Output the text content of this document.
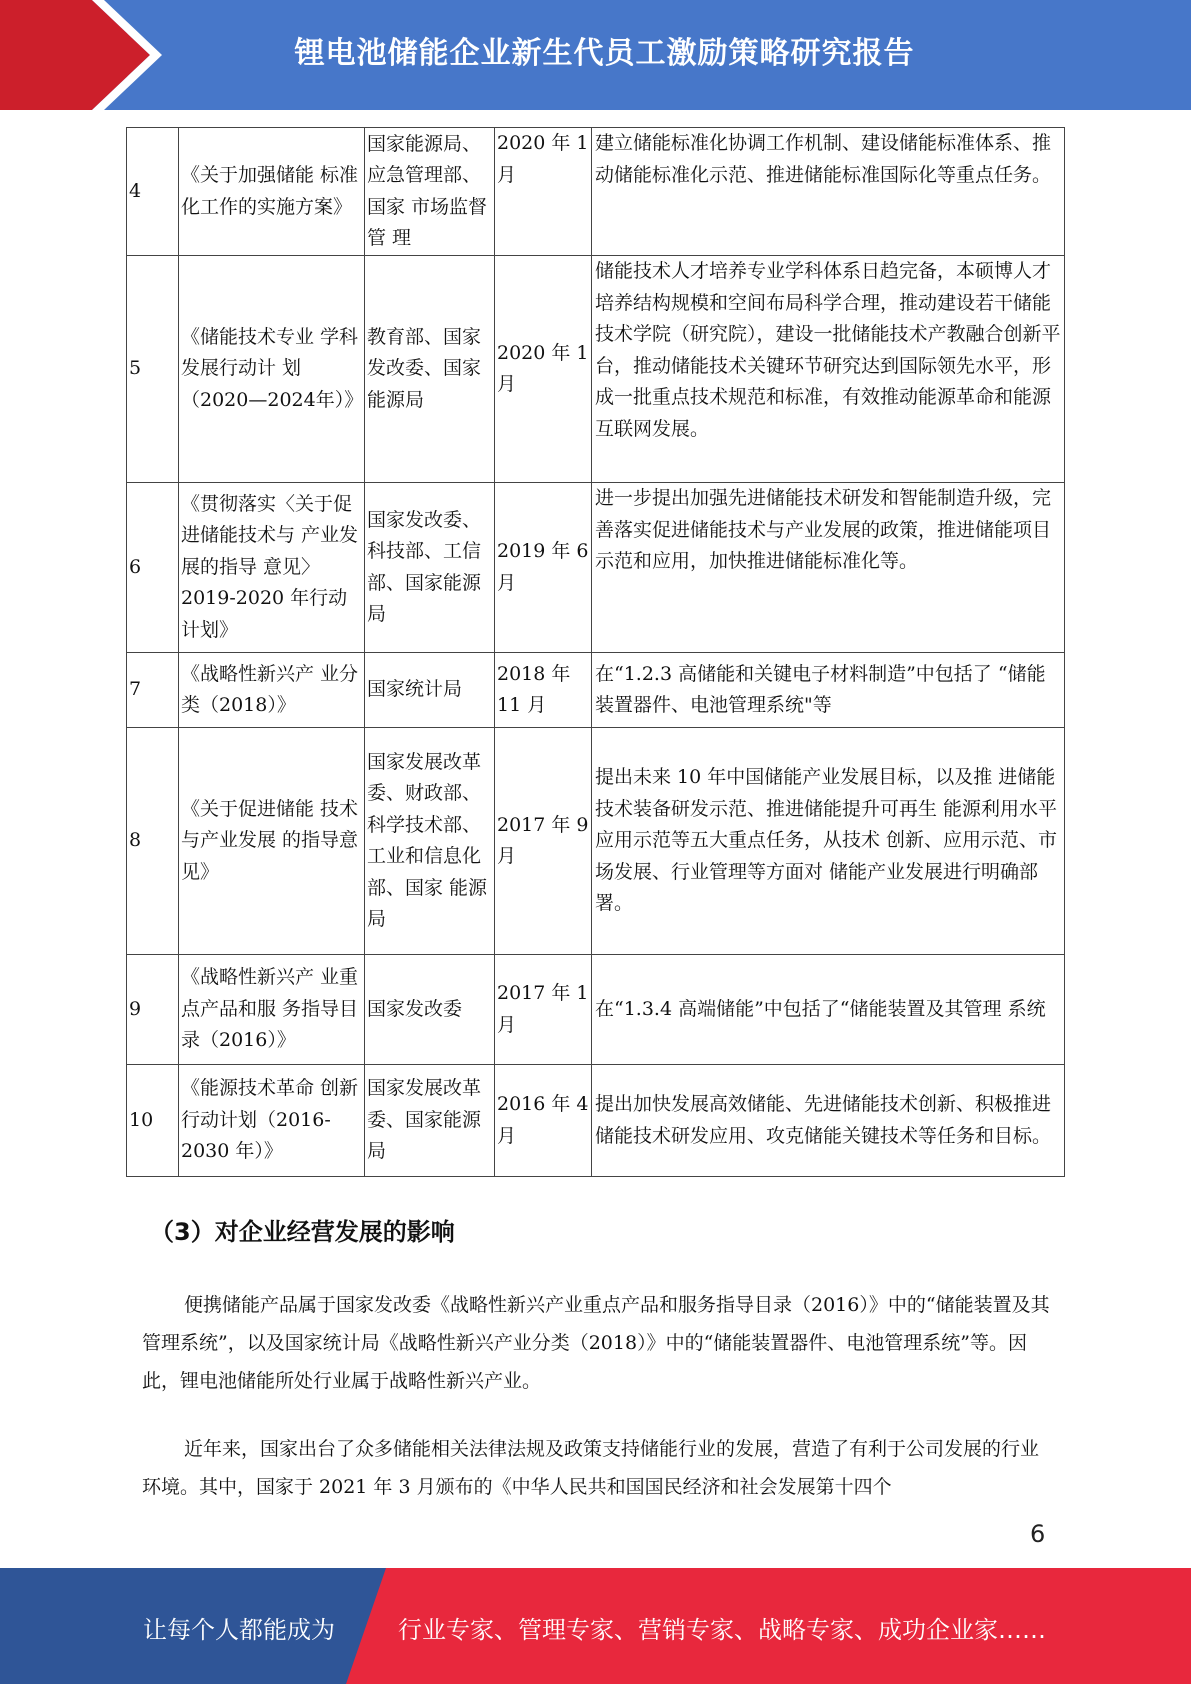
锂电池储能企业新生代员工激励策略研究报告
4	《关于加强储能 标准化工作的实施方案》	国家能源局、应急管理部、国家 市场监督管 理	2020 年 1 月	建立储能标准化协调工作机制、建设储能标准体系、推动储能标准化示范、推进储能标准国际化等重点任务。
5	《储能技术专业 学科发展行动计 划（2020—2024年）》	教育部、国家发改委、国家能源局	2020 年 1 月	储能技术人才培养专业学科体系日趋完备，本硕博人才培养结构规模和空间布局科学合理，推动建设若干储能技术学院（研究院），建设一批储能技术产教融合创新平台，推动储能技术关键环节研究达到国际领先水平，形成一批重点技术规范和标准，有效推动能源革命和能源互联网发展。
6	《贯彻落实〈关于促进储能技术与 产业发展的指导 意见〉2019-2020 年行动计划》	国家发改委、科技部、工信部、国家能源局	2019 年 6 月	进一步提出加强先进储能技术研发和智能制造升级，完善落实促进储能技术与产业发展的政策，推进储能项目示范和应用，加快推进储能标准化等。
7	《战略性新兴产 业分类（2018）》	国家统计局	2018 年 11 月	在“1.2.3 高储能和关键电子材料制造”中包括了 “储能装置器件、电池管理系统"等
8	《关于促进储能 技术与产业发展 的指导意见》	国家发展改革委、财政部、科学技术部、工业和信息化部、国家 能源局	2017 年 9 月	提出未来 10 年中国储能产业发展目标，以及推 进储能技术装备研发示范、推进储能提升可再生 能源利用水平应用示范等五大重点任务，从技术 创新、应用示范、市场发展、行业管理等方面对 储能产业发展进行明确部署。
9	《战略性新兴产 业重点产品和服 务指导目录（2016）》	国家发改委	2017 年 1 月	在“1.3.4 高端储能”中包括了“储能装置及其管理 系统
10	《能源技术革命 创新行动计划（2016-2030 年）》	国家发展改革委、国家能源局	2016 年 4 月	提出加快发展高效储能、先进储能技术创新、积极推进储能技术研发应用、攻克储能关键技术等任务和目标。
（3）对企业经营发展的影响

便携储能产品属于国家发改委《战略性新兴产业重点产品和服务指导目录（2016）》中的“储能装置及其管理系统”，以及国家统计局《战略性新兴产业分类（2018）》中的“储能装置器件、电池管理系统”等。因此，锂电池储能所处行业属于战略性新兴产业。

近年来，国家出台了众多储能相关法律法规及政策支持储能行业的发展，营造了有利于公司发展的行业环境。其中，国家于 2021 年 3 月颁布的《中华人民共和国国民经济和社会发展第十四个

6
让每个人都能成为	行业专家、管理专家、营销专家、战略专家、成功企业家……
